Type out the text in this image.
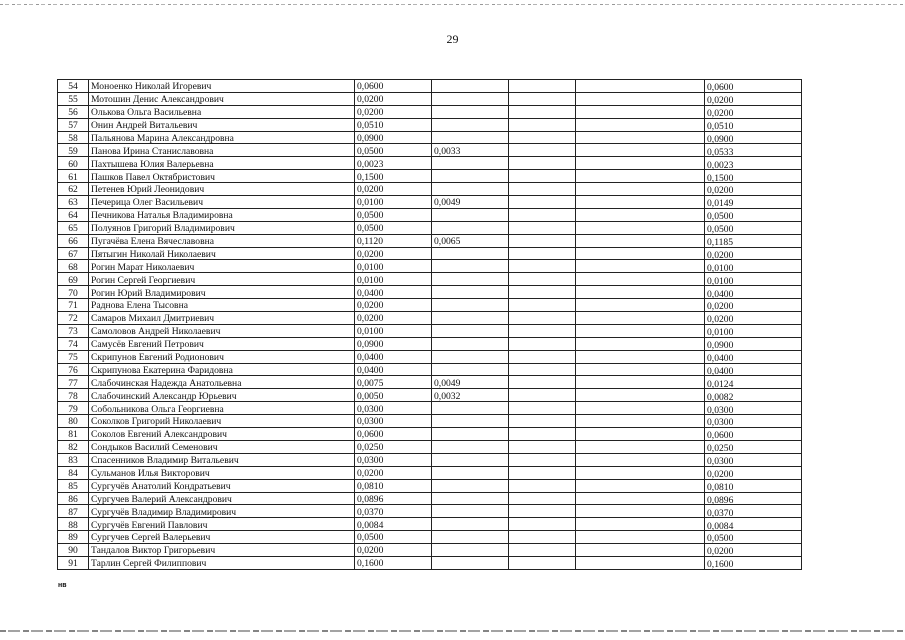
29
54	Моноенко Николай Игоревич	0,0600				0,0600
55	Мотошин Денис Александрович	0,0200				0,0200
56	Олькова Ольга Васильевна	0,0200				0,0200
57	Онин Андрей Витальевич	0,0510				0,0510
58	Пальянова Марина Александровна	0,0900				0,0900
59	Панова Ирина Станиславовна	0,0500	0,0033			0,0533
60	Пахтышева Юлия Валерьевна	0,0023				0,0023
61	Пашков Павел Октябристович	0,1500				0,1500
62	Петенев Юрий Леонидович	0,0200				0,0200
63	Печерица Олег Васильевич	0,0100	0,0049			0,0149
64	Печникова Наталья Владимировна	0,0500				0,0500
65	Полуянов Григорий Владимирович	0,0500				0,0500
66	Пугачёва Елена Вячеславовна	0,1120	0,0065			0,1185
67	Пятыгин Николай Николаевич	0,0200				0,0200
68	Рогин Марат Николаевич	0,0100				0,0100
69	Рогин Сергей Георгиевич	0,0100				0,0100
70	Рогин Юрий Владимирович	0,0400				0,0400
71	Раднова Елена Тысовна	0,0200				0,0200
72	Самаров Михаил Дмитриевич	0,0200				0,0200
73	Самоловов Андрей Николаевич	0,0100				0,0100
74	Самусёв Евгений Петрович	0,0900				0,0900
75	Скрипунов Евгений Родионович	0,0400				0,0400
76	Скрипунова Екатерина Фаридовна	0,0400				0,0400
77	Слабочинская Надежда Анатольевна	0,0075	0,0049			0,0124
78	Слабочинский Александр Юрьевич	0,0050	0,0032			0,0082
79	Собольникова Ольга Георгиевна	0,0300				0,0300
80	Соколков Григорий Николаевич	0,0300				0,0300
81	Соколов Евгений Александрович	0,0600				0,0600
82	Сондыков Василий Семенович	0,0250				0,0250
83	Спасенников Владимир Витальевич	0,0300				0,0300
84	Сульманов Илья Викторович	0,0200				0,0200
85	Сургучёв Анатолий Кондратьевич	0,0810				0,0810
86	Сургучев Валерий Александрович	0,0896				0,0896
87	Сургучёв Владимир Владимирович	0,0370				0,0370
88	Сургучёв Евгений Павлович	0,0084				0,0084
89	Сургучев Сергей Валерьевич	0,0500				0,0500
90	Тандалов Виктор Григорьевич	0,0200				0,0200
91	Тарлин Сергей Филиппович	0,1600				0,1600
нв
